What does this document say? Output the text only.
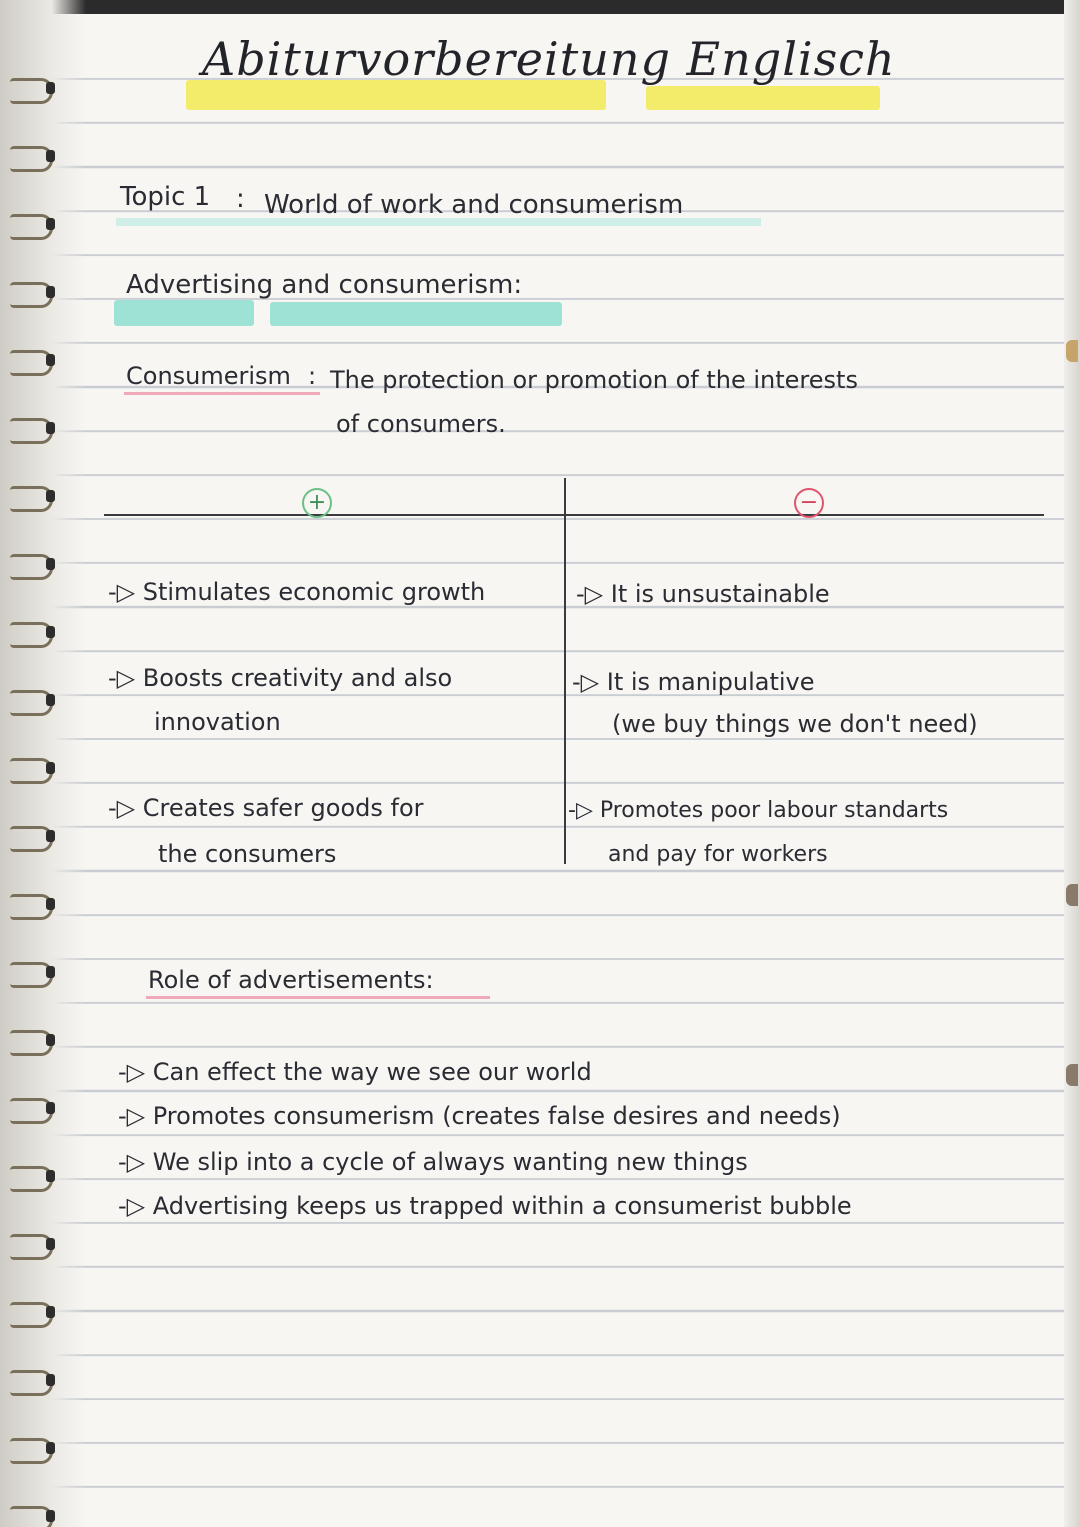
Abiturvorbereitung Englisch
Topic 1 : World of work and consumerism
Advertising and consumerism:
Consumerism : The protection or promotion of the interests
of consumers.
+	−
-▷ Stimulates economic growth
-▷ Boosts creativity and also
innovation
-▷ Creates safer goods for
the consumers
-▷ It is unsustainable
-▷ It is manipulative
(we buy things we don't need)
-▷ Promotes poor labour standarts
and pay for workers
Role of advertisements:
-▷ Can effect the way we see our world
-▷ Promotes consumerism (creates false desires and needs)
-▷ We slip into a cycle of always wanting new things
-▷ Advertising keeps us trapped within a consumerist bubble
